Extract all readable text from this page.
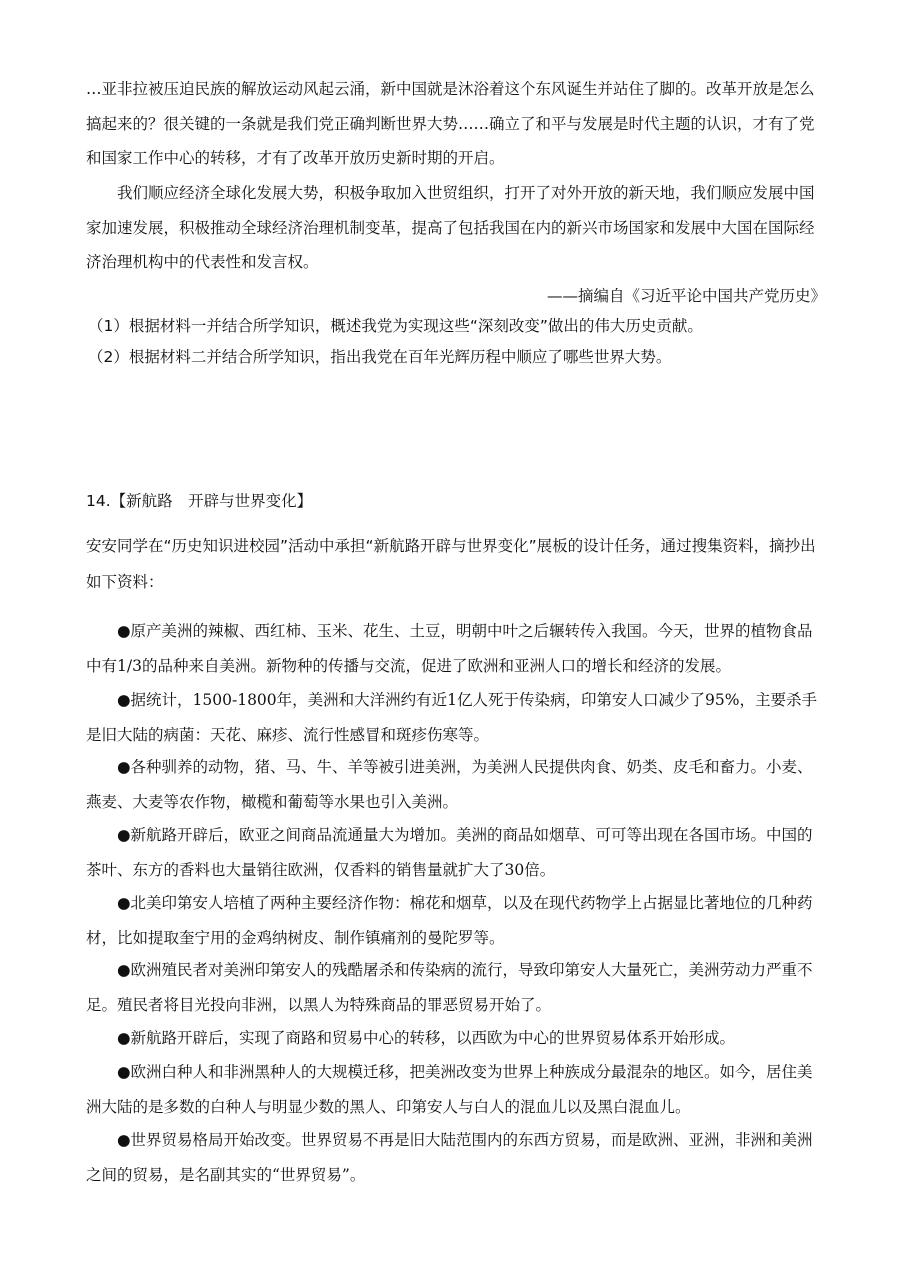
…亚非拉被压迫民族的解放运动风起云涌，新中国就是沐浴着这个东风诞生并站住了脚的。改革开放是怎么搞起来的？很关键的一条就是我们党正确判断世界大势……确立了和平与发展是时代主题的认识，才有了党和国家工作中心的转移，才有了改革开放历史新时期的开启。

我们顺应经济全球化发展大势，积极争取加入世贸组织，打开了对外开放的新天地，我们顺应发展中国家加速发展，积极推动全球经济治理机制变革，提高了包括我国在内的新兴市场国家和发展中大国在国际经济治理机构中的代表性和发言权。

——摘编自《习近平论中国共产党历史》

（1）根据材料一并结合所学知识，概述我党为实现这些“深刻改变”做出的伟大历史贡献。

（2）根据材料二并结合所学知识，指出我党在百年光辉历程中顺应了哪些世界大势。

14.【新航路　开辟与世界变化】

安安同学在“历史知识进校园”活动中承担“新航路开辟与世界变化”展板的设计任务，通过搜集资料，摘抄出如下资料：

●原产美洲的辣椒、西红柿、玉米、花生、土豆，明朝中叶之后辗转传入我国。今天，世界的植物食品中有1/3的品种来自美洲。新物种的传播与交流，促进了欧洲和亚洲人口的增长和经济的发展。

●据统计，1500-1800年，美洲和大洋洲约有近1亿人死于传染病，印第安人口减少了95%，主要杀手是旧大陆的病菌：天花、麻疹、流行性感冒和斑疹伤寒等。

●各种驯养的动物，猪、马、牛、羊等被引进美洲，为美洲人民提供肉食、奶类、皮毛和畜力。小麦、燕麦、大麦等农作物，橄榄和葡萄等水果也引入美洲。

●新航路开辟后，欧亚之间商品流通量大为增加。美洲的商品如烟草、可可等出现在各国市场。中国的茶叶、东方的香料也大量销往欧洲，仅香料的销售量就扩大了30倍。

●北美印第安人培植了两种主要经济作物：棉花和烟草，以及在现代药物学上占据显比著地位的几种药材，比如提取奎宁用的金鸡纳树皮、制作镇痛剂的曼陀罗等。

●欧洲殖民者对美洲印第安人的残酷屠杀和传染病的流行，导致印第安人大量死亡，美洲劳动力严重不足。殖民者将目光投向非洲，以黑人为特殊商品的罪恶贸易开始了。

●新航路开辟后，实现了商路和贸易中心的转移，以西欧为中心的世界贸易体系开始形成。

●欧洲白种人和非洲黑种人的大规模迁移，把美洲改变为世界上种族成分最混杂的地区。如今，居住美洲大陆的是多数的白种人与明显少数的黑人、印第安人与白人的混血儿以及黑白混血儿。

●世界贸易格局开始改变。世界贸易不再是旧大陆范围内的东西方贸易，而是欧洲、亚洲，非洲和美洲之间的贸易，是名副其实的“世界贸易”。
